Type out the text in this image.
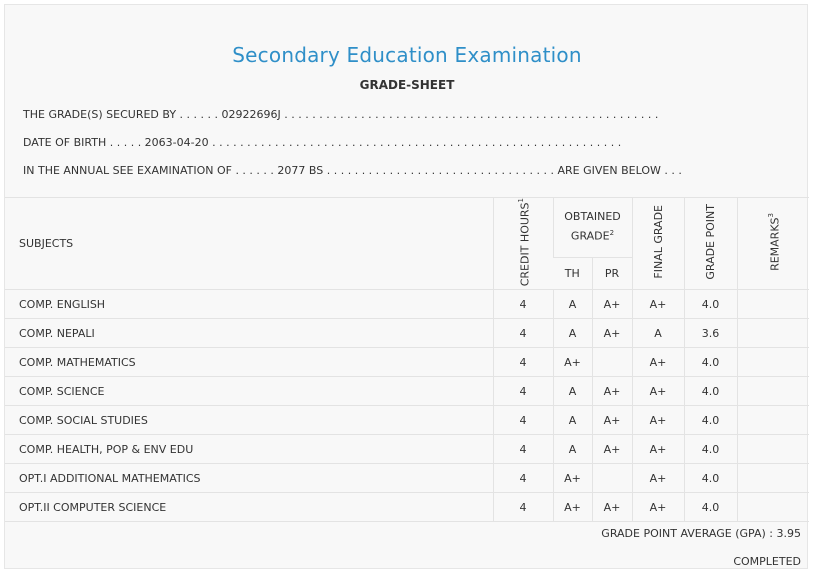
Secondary Education Examination
GRADE-SHEET
THE GRADE(S) SECURED BY . . . . . . 02922696J . . . . . . . . . . . . . . . . . . . . . . . . . . . . . . . . . . . . . . . . . . . . . . . . . . . . . .
DATE OF BIRTH . . . . . 2063-04-20 . . . . . . . . . . . . . . . . . . . . . . . . . . . . . . . . . . . . . . . . . . . . . . . . . . . . . . . . . . .
IN THE ANNUAL SEE EXAMINATION OF . . . . . . 2077 BS . . . . . . . . . . . . . . . . . . . . . . . . . . . . . . . . . ARE GIVEN BELOW . . .
SUBJECTS	CREDIT HOURS$^1$	OBTAINED GRADE$^2$		FINAL GRADE	GRADE POINT	REMARKS$^3$
		TH	PR			
COMP. ENGLISH	4	A	A+	A+	4.0	
COMP. NEPALI	4	A	A+	A	3.6	
COMP. MATHEMATICS	4	A+		A+	4.0	
COMP. SCIENCE	4	A	A+	A+	4.0	
COMP. SOCIAL STUDIES	4	A	A+	A+	4.0	
COMP. HEALTH, POP & ENV EDU	4	A	A+	A+	4.0	
OPT.I ADDITIONAL MATHEMATICS	4	A+		A+	4.0	
OPT.II COMPUTER SCIENCE	4	A+	A+	A+	4.0	

GRADE POINT AVERAGE (GPA) : 3.95
COMPLETED
